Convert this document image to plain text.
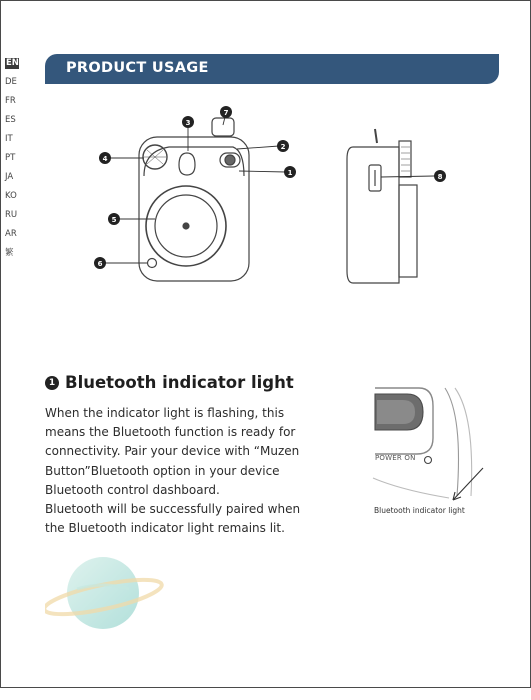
EN
DE
FR
ES
IT
PT
JA
KO
RU
AR
繁
PRODUCT USAGE
1
2
3
4
5
6
7
8
1 Bluetooth indicator light

When the indicator light is flashing, this

means the Bluetooth function is ready for

connectivity. Pair your device with “Muzen

Button”Bluetooth option in your device

Bluetooth control dashboard.

Bluetooth will be successfully paired when

the Bluetooth indicator light remains lit.

POWER ON
Bluetooth indicator light
